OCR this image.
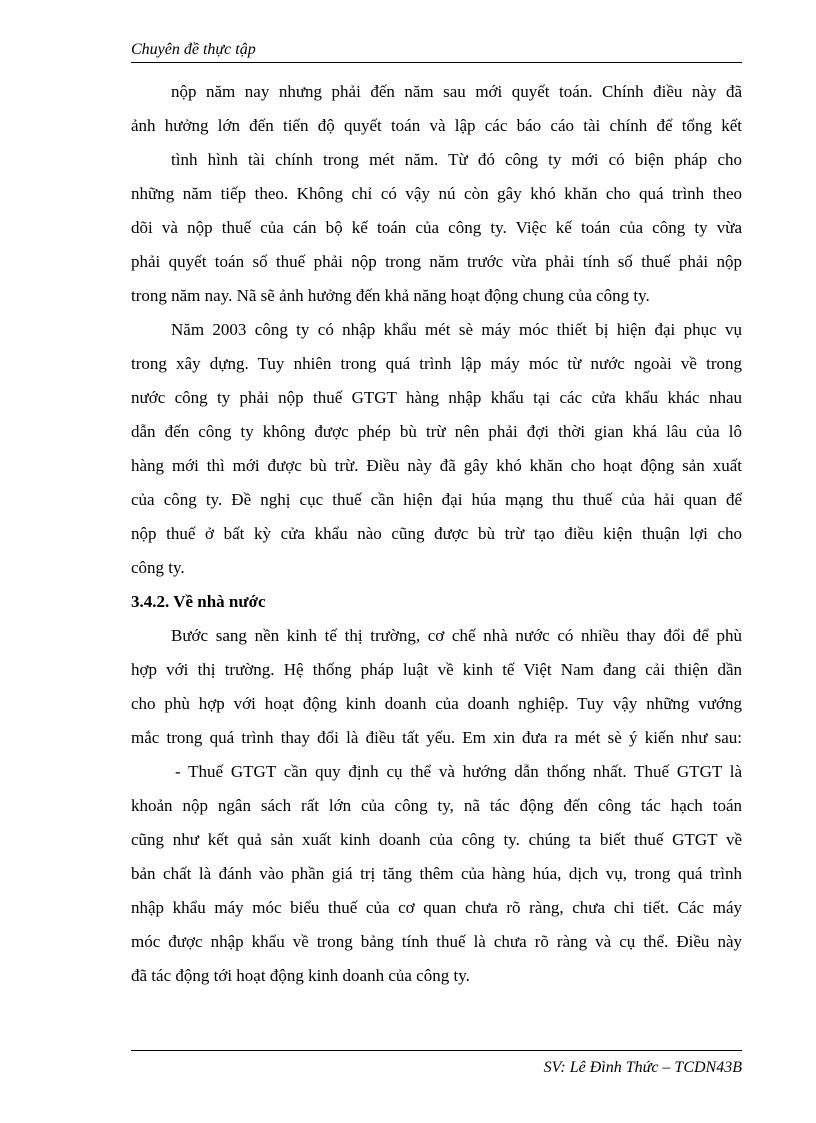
Chuyên đề thực tập
nộp năm nay nhưng phải đến năm sau mới quyết toán. Chính điều này đã
ảnh hưởng lớn đến tiến độ quyết toán và lập các báo cáo tài chính để tổng kết
tình hình tài chính trong mét năm. Từ đó công ty mới có biện pháp cho
những năm tiếp theo. Không chỉ có vậy nú còn gây khó khăn cho quá trình theo
dõi và nộp thuế của cán bộ kế toán của công ty. Việc kế toán của công ty vừa
phải quyết toán số thuế phải nộp trong năm trước vừa phải tính số thuế phải nộp
trong năm nay. Nã sẽ ảnh hưởng đến khả năng hoạt động chung của công ty.
Năm 2003 công ty có nhập khẩu mét sè máy móc thiết bị hiện đại phục vụ
trong xây dựng. Tuy nhiên trong quá trình lập máy móc từ nước ngoài về trong
nước công ty phải nộp thuế GTGT hàng nhập khẩu tại các cửa khẩu khác nhau
dẫn đến công ty không được phép bù trừ nên phải đợi thời gian khá lâu của lô
hàng mới thì mới được bù trừ. Điều này đã gây khó khăn cho hoạt động sản xuất
của công ty. Đề nghị cục thuế cần hiện đại húa mạng thu thuế của hải quan để
nộp thuế ở bất kỳ cửa khẩu nào cũng được bù trừ tạo điều kiện thuận lợi cho
công ty.
3.4.2. Về nhà nước
Bước sang nền kinh tế thị trường, cơ chế nhà nước có nhiều thay đổi để phù
hợp với thị trường. Hệ thống pháp luật về kinh tế Việt Nam đang cải thiện dần
cho phù hợp với hoạt động kinh doanh của doanh nghiệp. Tuy vậy những vướng
mắc trong quá trình thay đổi là điều tất yếu. Em xin đưa ra mét sè ý kiến như sau:
- Thuế GTGT cần quy định cụ thể và hướng dẫn thống nhất. Thuế GTGT là
khoản nộp ngân sách rất lớn của công ty, nã tác động đến công tác hạch toán
cũng như kết quả sản xuất kinh doanh của công ty. chúng ta biết thuế GTGT về
bản chất là đánh vào phần giá trị tăng thêm của hàng húa, dịch vụ, trong quá trình
nhập khẩu máy móc biểu thuế của cơ quan chưa rõ ràng, chưa chi tiết. Các máy
móc được nhập khẩu về trong bảng tính thuế là chưa rõ ràng và cụ thể. Điều này
đã tác động tới hoạt động kinh doanh của công ty.
SV: Lê Đình Thức – TCDN43B
